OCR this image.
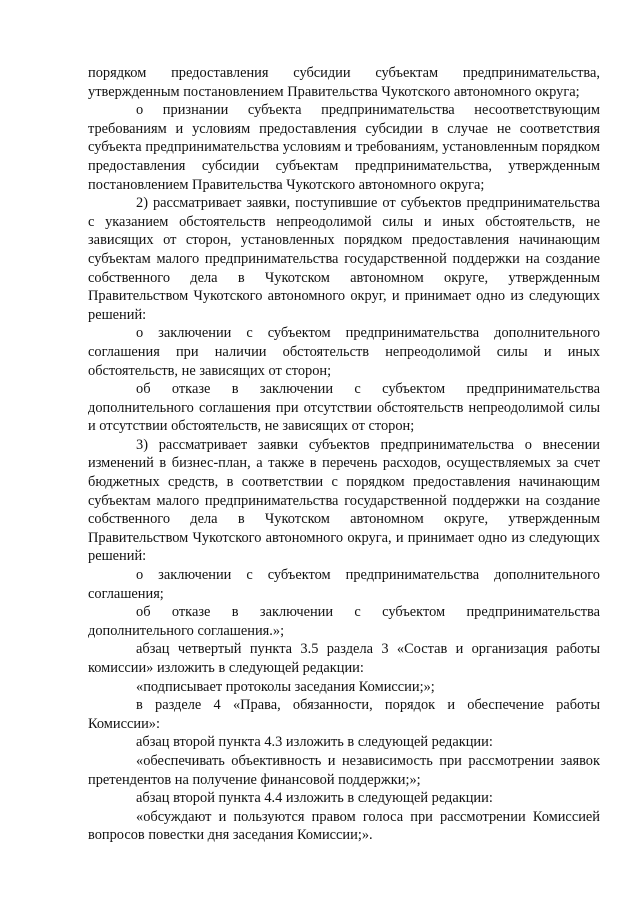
порядком предоставления субсидии субъектам предпринимательства, утвержденным постановлением Правительства Чукотского автономного округа;

о признании субъекта предпринимательства несоответствующим требованиям и условиям предоставления субсидии в случае не соответствия субъекта предпринимательства условиям и требованиям, установленным порядком предоставления субсидии субъектам предпринимательства, утвержденным постановлением Правительства Чукотского автономного округа;

2) рассматривает заявки, поступившие от субъектов предпринимательства с указанием обстоятельств непреодолимой силы и иных обстоятельств, не зависящих от сторон, установленных порядком предоставления начинающим субъектам малого предпринимательства государственной поддержки на создание собственного дела в Чукотском автономном округе, утвержденным Правительством Чукотского автономного округ, и принимает одно из следующих решений:

о заключении с субъектом предпринимательства дополнительного соглашения при наличии обстоятельств непреодолимой силы и иных обстоятельств, не зависящих от сторон;

об отказе в заключении с субъектом предпринимательства дополнительного соглашения при отсутствии обстоятельств непреодолимой силы и отсутствии обстоятельств, не зависящих от сторон;

3) рассматривает заявки субъектов предпринимательства о внесении изменений в бизнес-план, а также в перечень расходов, осуществляемых за счет бюджетных средств, в соответствии с порядком предоставления начинающим субъектам малого предпринимательства государственной поддержки на создание собственного дела в Чукотском автономном округе, утвержденным Правительством Чукотского автономного округа, и принимает одно из следующих решений:

о заключении с субъектом предпринимательства дополнительного соглашения;

об отказе в заключении с субъектом предпринимательства дополнительного соглашения.»;

абзац четвертый пункта 3.5 раздела 3 «Состав и организация работы комиссии» изложить в следующей редакции:

«подписывает протоколы заседания Комиссии;»;

в разделе 4 «Права, обязанности, порядок и обеспечение работы Комиссии»:

абзац второй пункта 4.3 изложить в следующей редакции:

«обеспечивать объективность и независимость при рассмотрении заявок претендентов на получение финансовой поддержки;»;

абзац второй пункта 4.4 изложить в следующей редакции:

«обсуждают и пользуются правом голоса при рассмотрении Комиссией вопросов повестки дня заседания Комиссии;».
